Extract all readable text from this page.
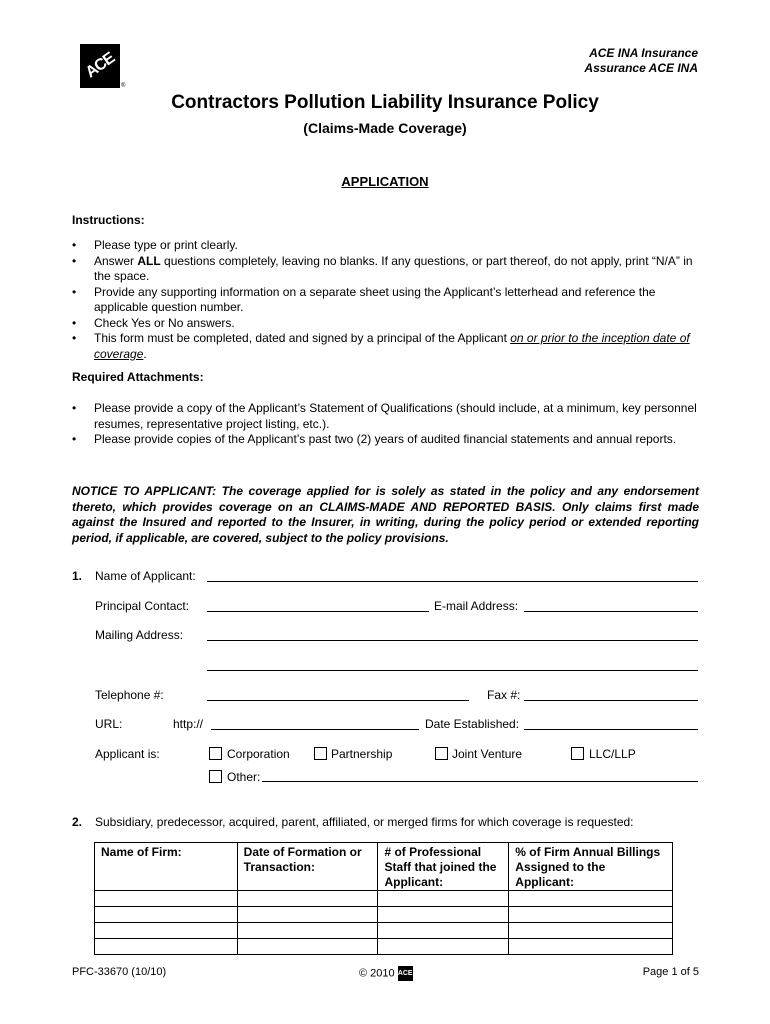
ACE
®
ACE INA Insurance
Assurance ACE INA
Contractors Pollution Liability Insurance Policy
(Claims-Made Coverage)
APPLICATION
Instructions:
• Please type or print clearly.
• Answer ALL questions completely, leaving no blanks. If any questions, or part thereof, do not apply, print “N/A” in the space.
• Provide any supporting information on a separate sheet using the Applicant’s letterhead and reference the applicable question number.
• Check Yes or No answers.
• This form must be completed, dated and signed by a principal of the Applicant on or prior to the inception date of coverage.
Required Attachments:
• Please provide a copy of the Applicant’s Statement of Qualifications (should include, at a minimum, key personnel resumes, representative project listing, etc.).
• Please provide copies of the Applicant’s past two (2) years of audited financial statements and annual reports.
NOTICE TO APPLICANT: The coverage applied for is solely as stated in the policy and any endorsement thereto, which provides coverage on an CLAIMS-MADE AND REPORTED BASIS. Only claims first made against the Insured and reported to the Insurer, in writing, during the policy period or extended reporting period, if applicable, are covered, subject to the policy provisions.
1. Name of Applicant:
Principal Contact:	E-mail Address:
Mailing Address:
Telephone #:	Fax #:
URL:	http://	Date Established:
Applicant is:	Corporation	Partnership	Joint Venture	LLC/LLP
Other:
2. Subsidiary, predecessor, acquired, parent, affiliated, or merged firms for which coverage is requested:
Name of Firm:	Date of Formation or Transaction:	# of Professional Staff that joined the Applicant:	% of Firm Annual Billings Assigned to the Applicant:

PFC-33670 (10/10)	© 2010 ACE	Page 1 of 5
